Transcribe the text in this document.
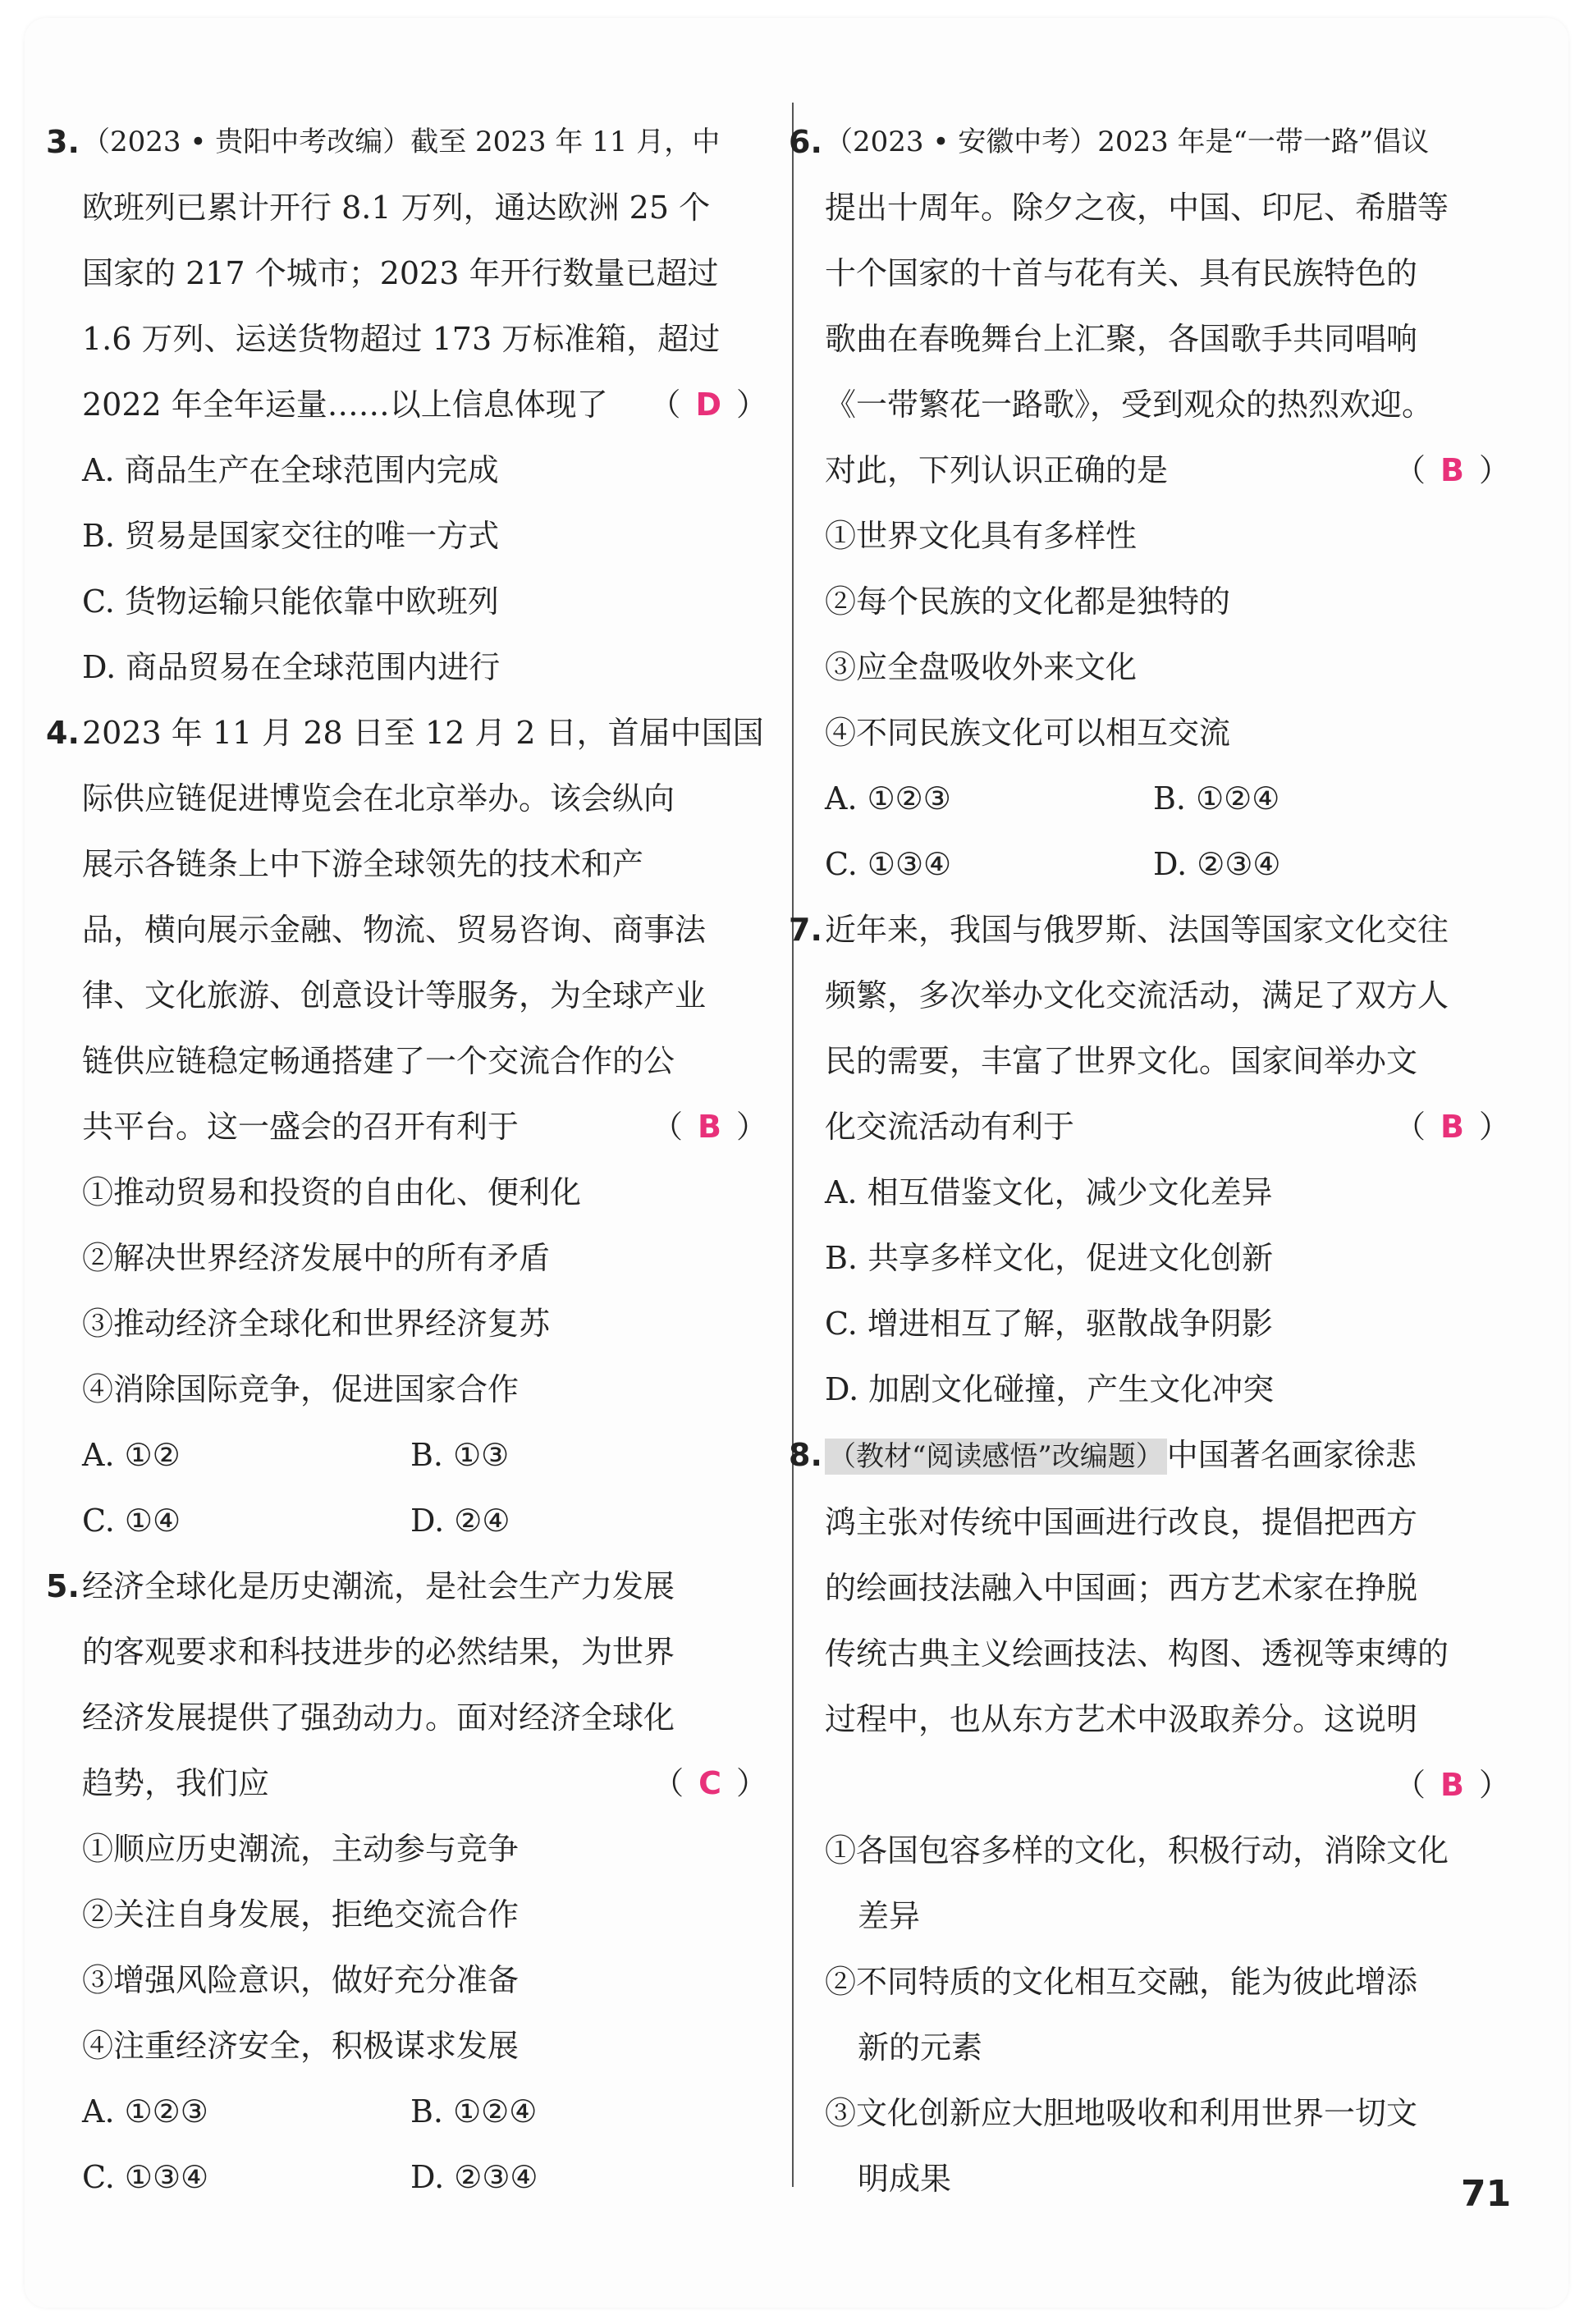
3. （2023 • 贵阳中考改编）截至 2023 年 11 月，中
欧班列已累计开行 8.1 万列，通达欧洲 25 个
国家的 217 个城市；2023 年开行数量已超过
1.6 万列、运送货物超过 173 万标准箱，超过
2022 年全年运量……以上信息体现了 （ D ）
A. 商品生产在全球范围内完成
B. 贸易是国家交往的唯一方式
C. 货物运输只能依靠中欧班列
D. 商品贸易在全球范围内进行
4. 2023 年 11 月 28 日至 12 月 2 日，首届中国国
际供应链促进博览会在北京举办。该会纵向
展示各链条上中下游全球领先的技术和产
品，横向展示金融、物流、贸易咨询、商事法
律、文化旅游、创意设计等服务，为全球产业
链供应链稳定畅通搭建了一个交流合作的公
共平台。这一盛会的召开有利于	（ B ）
①推动贸易和投资的自由化、便利化
②解决世界经济发展中的所有矛盾
③推动经济全球化和世界经济复苏
④消除国际竞争，促进国家合作
A. ①②	B. ①③
C. ①④	D. ②④
5. 经济全球化是历史潮流，是社会生产力发展
的客观要求和科技进步的必然结果，为世界
经济发展提供了强劲动力。面对经济全球化
趋势，我们应	（ C ）
①顺应历史潮流，主动参与竞争
②关注自身发展，拒绝交流合作
③增强风险意识，做好充分准备
④注重经济安全，积极谋求发展
A. ①②③	B. ①②④
C. ①③④	D. ②③④
6. （2023 • 安徽中考）2023 年是“一带一路”倡议
提出十周年。除夕之夜，中国、印尼、希腊等
十个国家的十首与花有关、具有民族特色的
歌曲在春晚舞台上汇聚，各国歌手共同唱响
《一带繁花一路歌》，受到观众的热烈欢迎。
对此，下列认识正确的是	（ B ）
①世界文化具有多样性
②每个民族的文化都是独特的
③应全盘吸收外来文化
④不同民族文化可以相互交流
A. ①②③	B. ①②④
C. ①③④	D. ②③④
7. 近年来，我国与俄罗斯、法国等国家文化交往
频繁，多次举办文化交流活动，满足了双方人
民的需要，丰富了世界文化。国家间举办文
化交流活动有利于	（ B ）
A. 相互借鉴文化，减少文化差异
B. 共享多样文化，促进文化创新
C. 增进相互了解，驱散战争阴影
D. 加剧文化碰撞，产生文化冲突
8. （教材“阅读感悟”改编题） 中国著名画家徐悲
鸿主张对传统中国画进行改良，提倡把西方
的绘画技法融入中国画；西方艺术家在挣脱
传统古典主义绘画技法、构图、透视等束缚的
过程中，也从东方艺术中汲取养分。这说明
（ B ）

①各国包容多样的文化，积极行动，消除文化
差异
②不同特质的文化相互交融，能为彼此增添
新的元素
③文化创新应大胆地吸收和利用世界一切文
明成果	71
